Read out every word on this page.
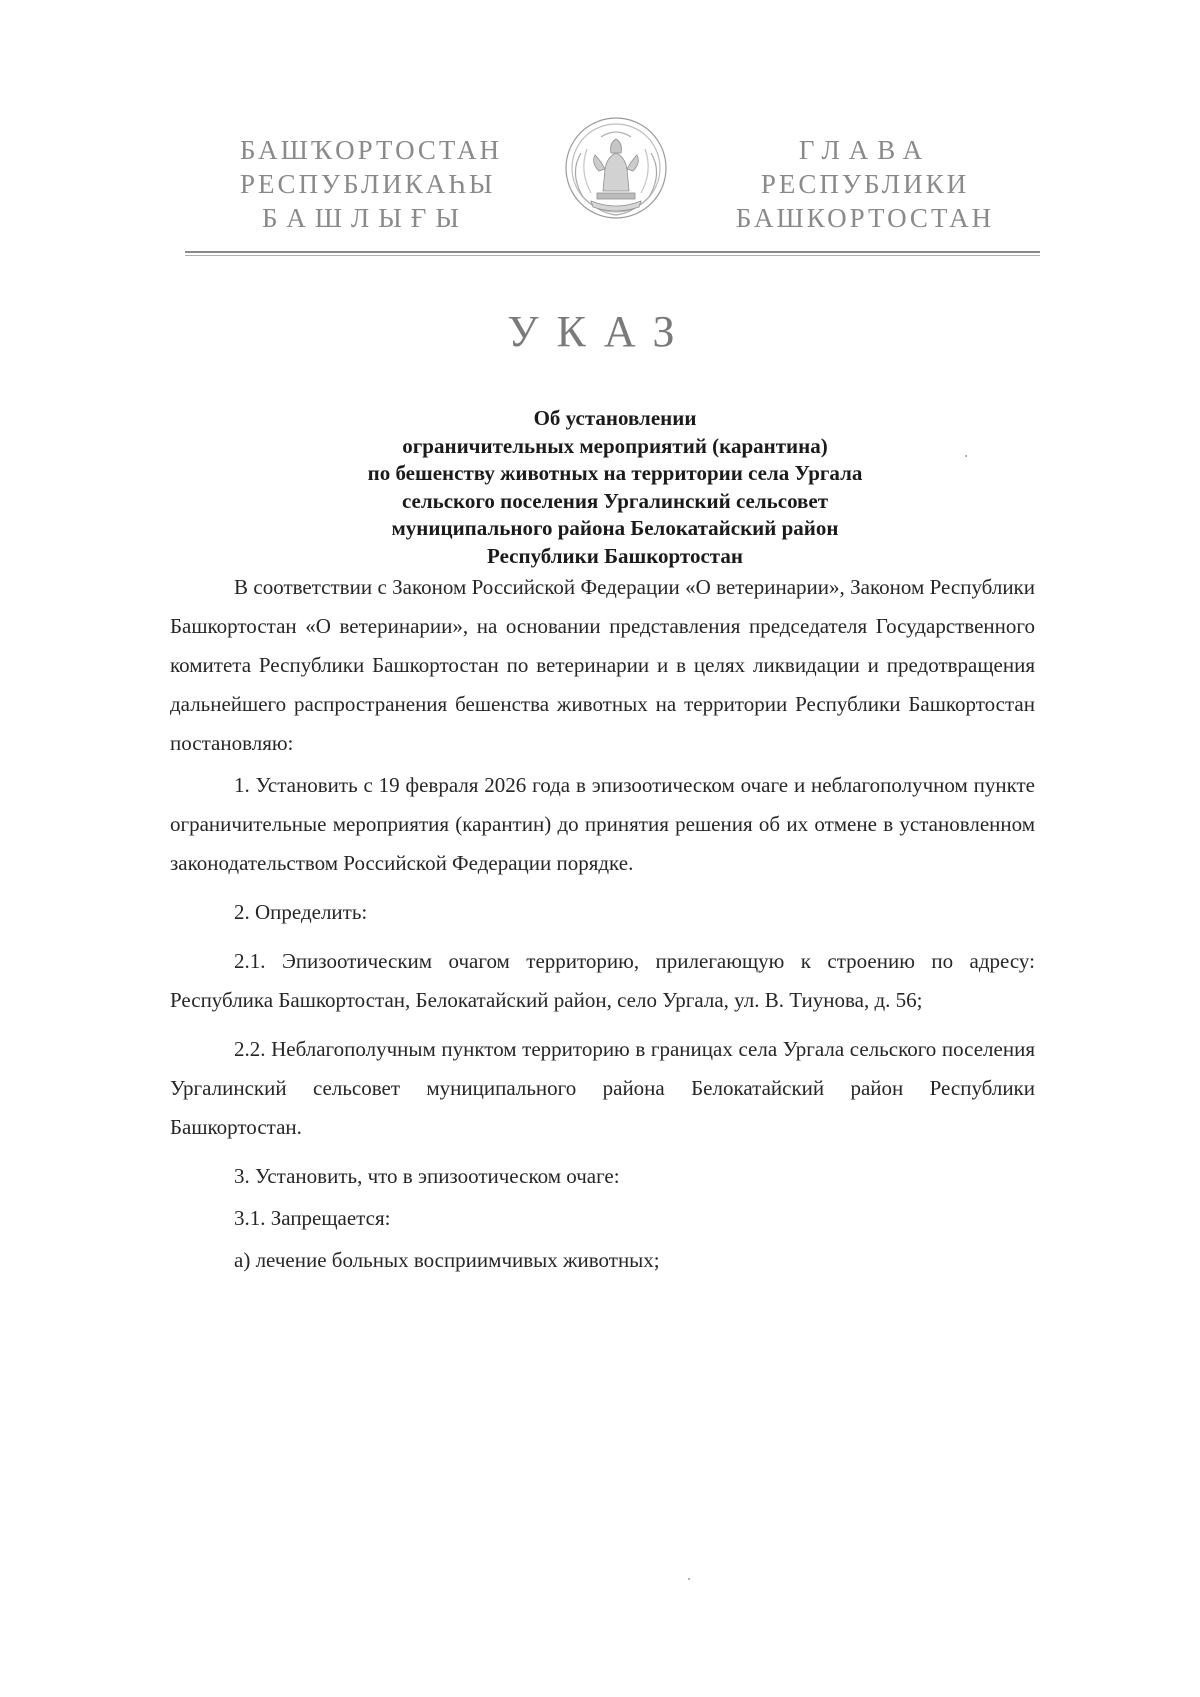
БАШҠОРТОСТАН
РЕСПУБЛИКАҺЫ
БАШЛЫҒЫ
ГЛАВА
РЕСПУБЛИКИ
БАШКОРТОСТАН
УКАЗ
Об установлении
ограничительных мероприятий (карантина)
по бешенству животных на территории села Ургала
сельского поселения Ургалинский сельсовет
муниципального района Белокатайский район
Республики Башкортостан

В соответствии с Законом Российской Федерации «О ветеринарии», Законом Республики Башкортостан «О ветеринарии», на основании представления председателя Государственного комитета Республики Башкортостан по ветеринарии и в целях ликвидации и предотвращения дальнейшего распространения бешенства животных на территории Республики Башкортостан постановляю:

1. Установить с 19 февраля 2026 года в эпизоотическом очаге и неблагополучном пункте ограничительные мероприятия (карантин) до принятия решения об их отмене в установленном законодательством Российской Федерации порядке.

2. Определить:

2.1. Эпизоотическим очагом территорию, прилегающую к строению по адресу: Республика Башкортостан, Белокатайский район, село Ургала, ул. В. Тиунова, д. 56;

2.2. Неблагополучным пунктом территорию в границах села Ургала сельского поселения Ургалинский сельсовет муниципального района Белокатайский район Республики Башкортостан.

3. Установить, что в эпизоотическом очаге:

3.1. Запрещается:

а) лечение больных восприимчивых животных;
